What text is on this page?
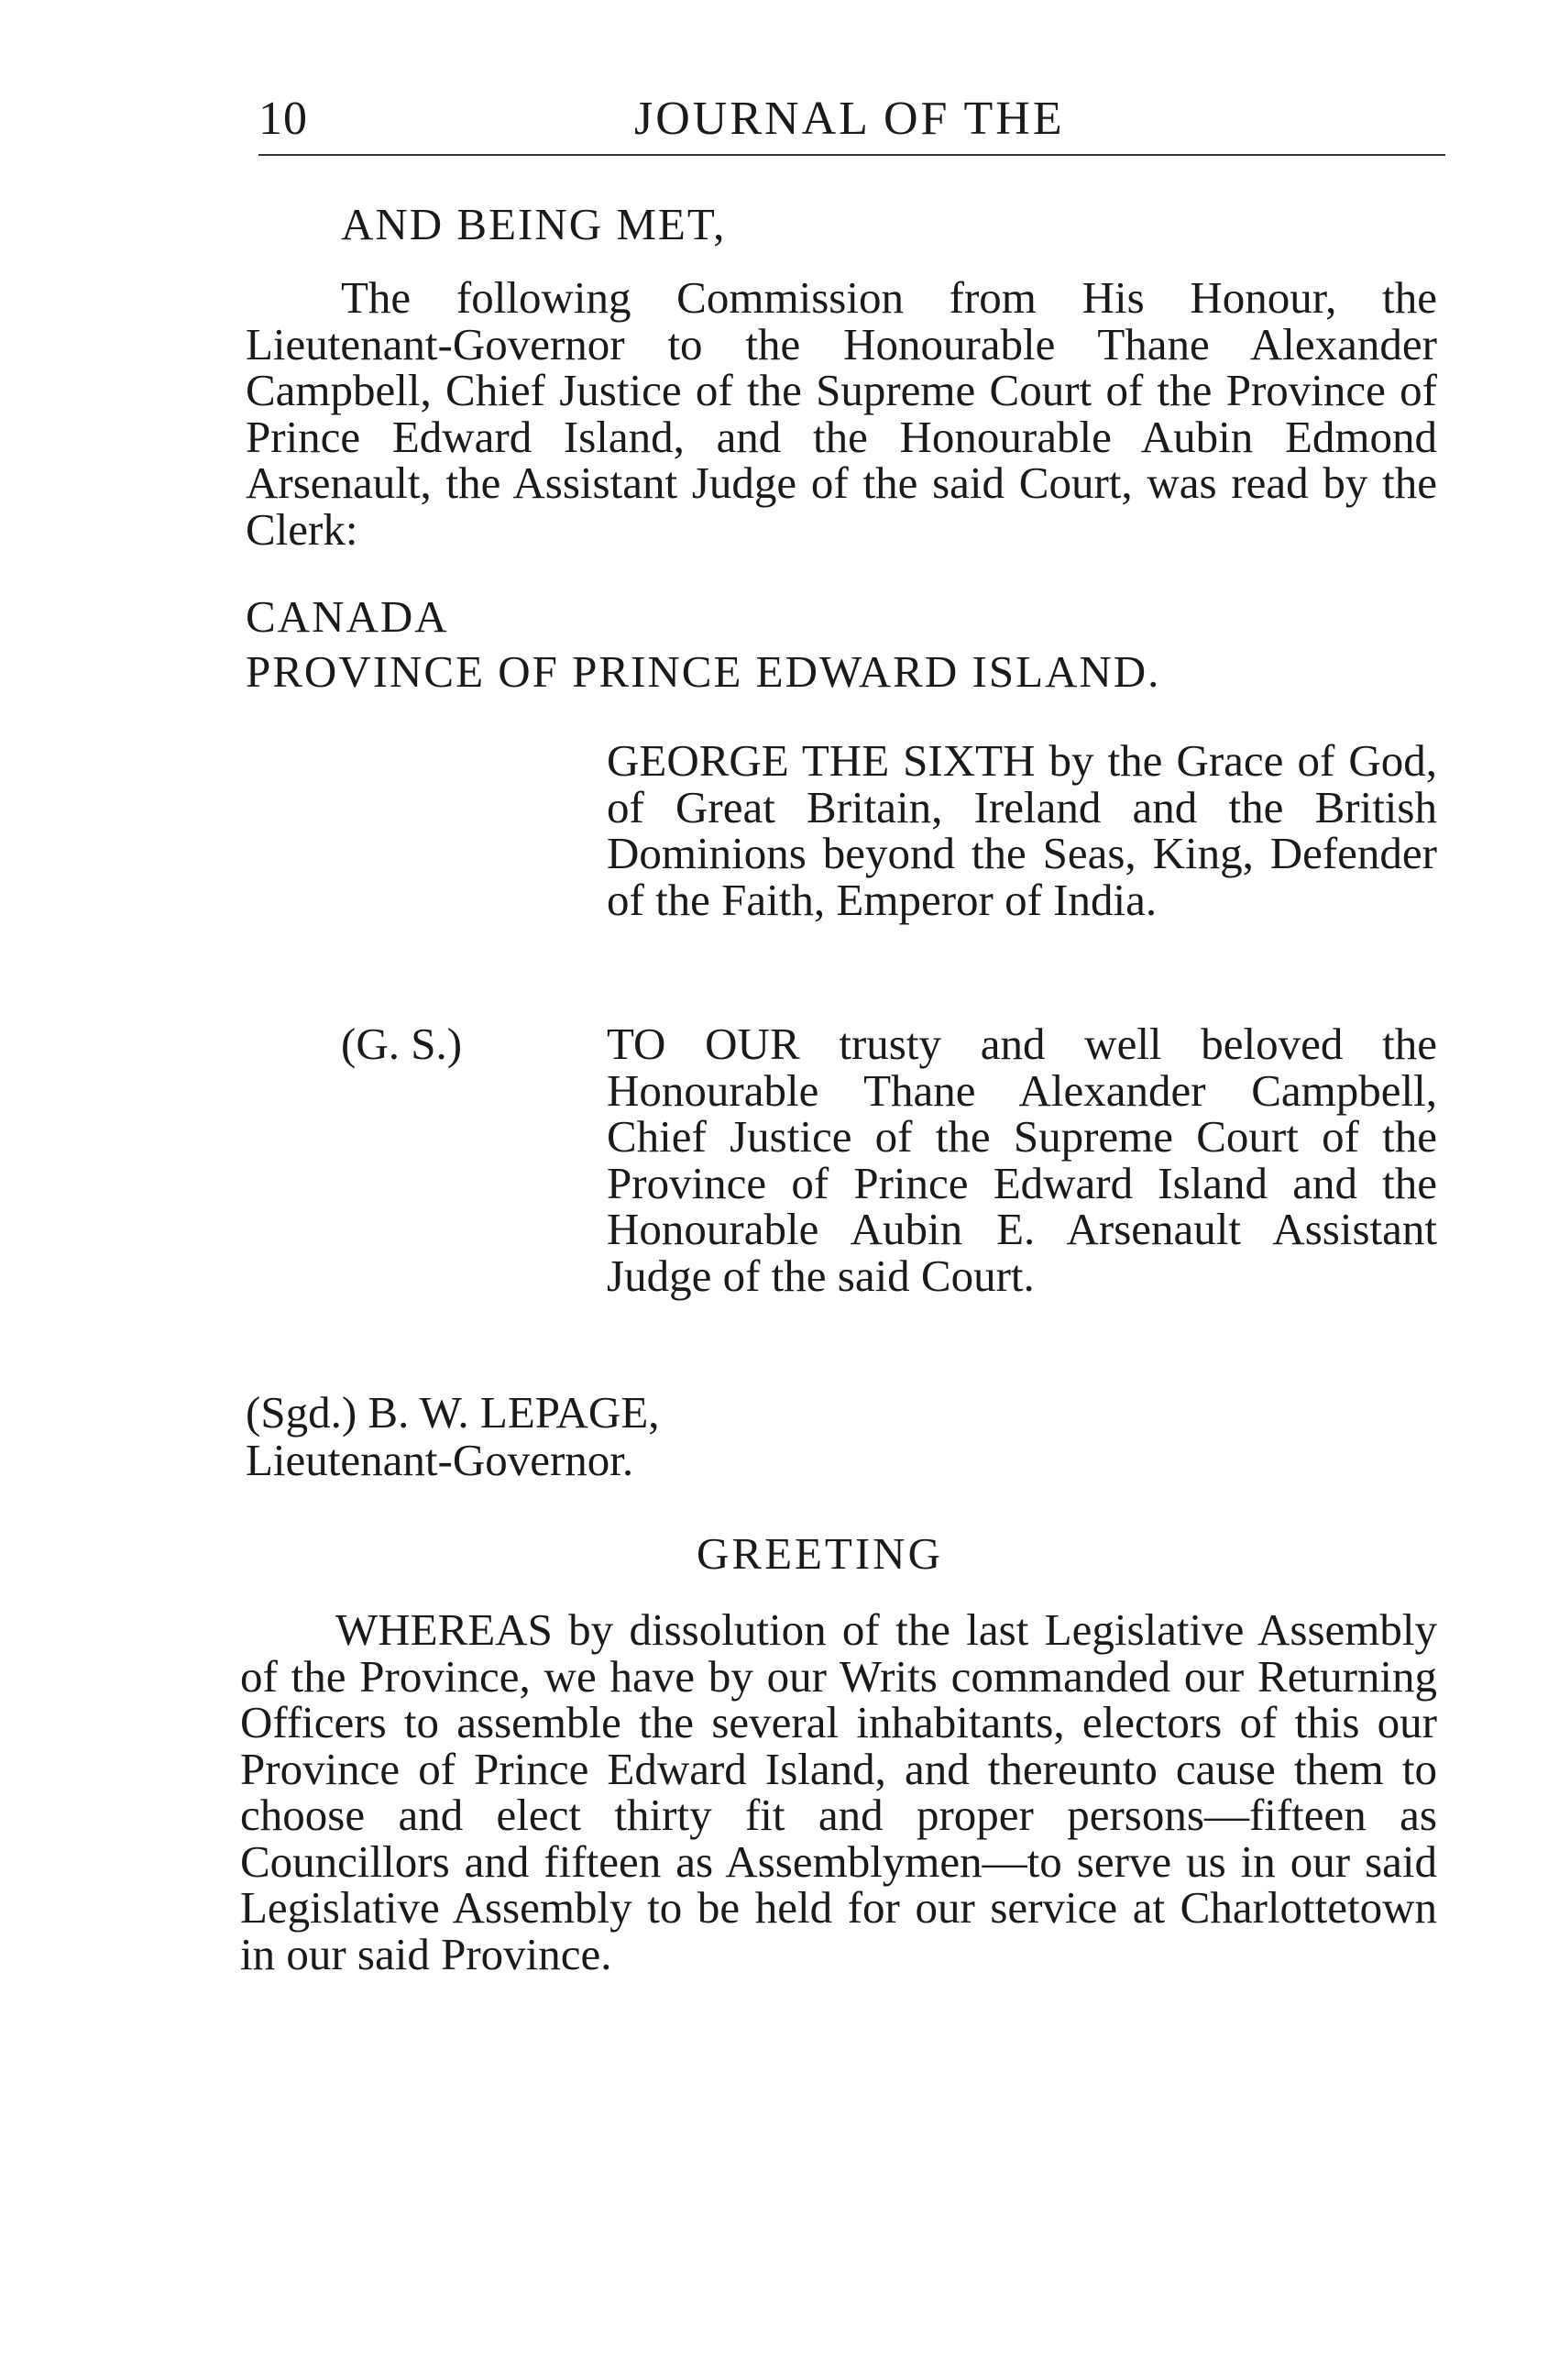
10	JOURNAL OF THE

AND BEING MET,

The following Commission from His Honour, the Lieutenant-Governor to the Honourable Thane Alexander Campbell, Chief Justice of the Supreme Court of the Province of Prince Edward Island, and the Honourable Aubin Edmond Arsenault, the Assistant Judge of the said Court, was read by the Clerk:

CANADA

PROVINCE OF PRINCE EDWARD ISLAND.

GEORGE THE SIXTH by the Grace of God, of Great Britain, Ireland and the British Dominions beyond the Seas, King, Defender of the Faith, Emperor of India.

(G. S.)	TO OUR trusty and well beloved the Honourable Thane Alexander Campbell, Chief Justice of the Supreme Court of the Province of Prince Edward Island and the Honourable Aubin E. Arsenault Assistant Judge of the said Court.

(Sgd.) B. W. LEPAGE,

Lieutenant-Governor.

GREETING

WHEREAS by dissolution of the last Legislative Assembly of the Province, we have by our Writs commanded our Returning Officers to assemble the several inhabitants, electors of this our Province of Prince Edward Island, and thereunto cause them to choose and elect thirty fit and proper persons—fifteen as Councillors and fifteen as Assemblymen—to serve us in our said Legislative Assembly to be held for our service at Charlottetown in our said Province.
